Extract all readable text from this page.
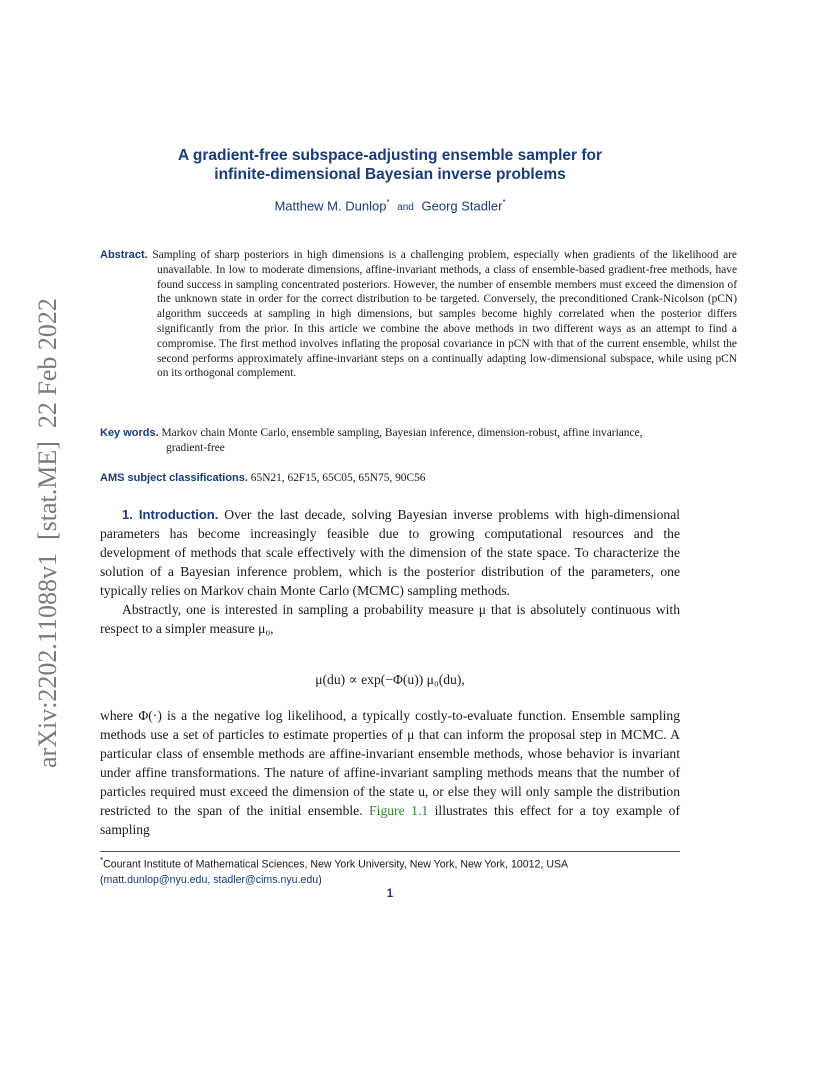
arXiv:2202.11088v1  [stat.ME]  22 Feb 2022
A gradient-free subspace-adjusting ensemble sampler for
infinite-dimensional Bayesian inverse problems
Matthew M. Dunlop* and Georg Stadler*
Abstract. Sampling of sharp posteriors in high dimensions is a challenging problem, especially when gradients of the likelihood are unavailable. In low to moderate dimensions, affine-invariant methods, a class of ensemble-based gradient-free methods, have found success in sampling concentrated posteriors. However, the number of ensemble members must exceed the dimension of the unknown state in order for the correct distribution to be targeted. Conversely, the preconditioned Crank-Nicolson (pCN) algorithm succeeds at sampling in high dimensions, but samples become highly correlated when the posterior differs significantly from the prior. In this article we combine the above methods in two different ways as an attempt to find a compromise. The first method involves inflating the proposal covariance in pCN with that of the current ensemble, whilst the second performs approximately affine-invariant steps on a continually adapting low-dimensional subspace, while using pCN on its orthogonal complement.
Key words. Markov chain Monte Carlo, ensemble sampling, Bayesian inference, dimension-robust, affine invariance, gradient-free
AMS subject classifications. 65N21, 62F15, 65C05, 65N75, 90C56

1. Introduction. Over the last decade, solving Bayesian inverse problems with high-dimensional parameters has become increasingly feasible due to growing computational resources and the development of methods that scale effectively with the dimension of the state space. To characterize the solution of a Bayesian inference problem, which is the posterior distribution of the parameters, one typically relies on Markov chain Monte Carlo (MCMC) sampling methods.

Abstractly, one is interested in sampling a probability measure μ that is absolutely continuous with respect to a simpler measure μ₀,

μ(du) ∝ exp(−Φ(u)) μ₀(du),

where Φ(·) is a the negative log likelihood, a typically costly-to-evaluate function. Ensemble sampling methods use a set of particles to estimate properties of μ that can inform the proposal step in MCMC. A particular class of ensemble methods are affine-invariant ensemble methods, whose behavior is invariant under affine transformations. The nature of affine-invariant sampling methods means that the number of particles required must exceed the dimension of the state u, or else they will only sample the distribution restricted to the span of the initial ensemble. Figure 1.1 illustrates this effect for a toy example of sampling

*Courant Institute of Mathematical Sciences, New York University, New York, New York, 10012, USA
(matt.dunlop@nyu.edu, stadler@cims.nyu.edu)
1
